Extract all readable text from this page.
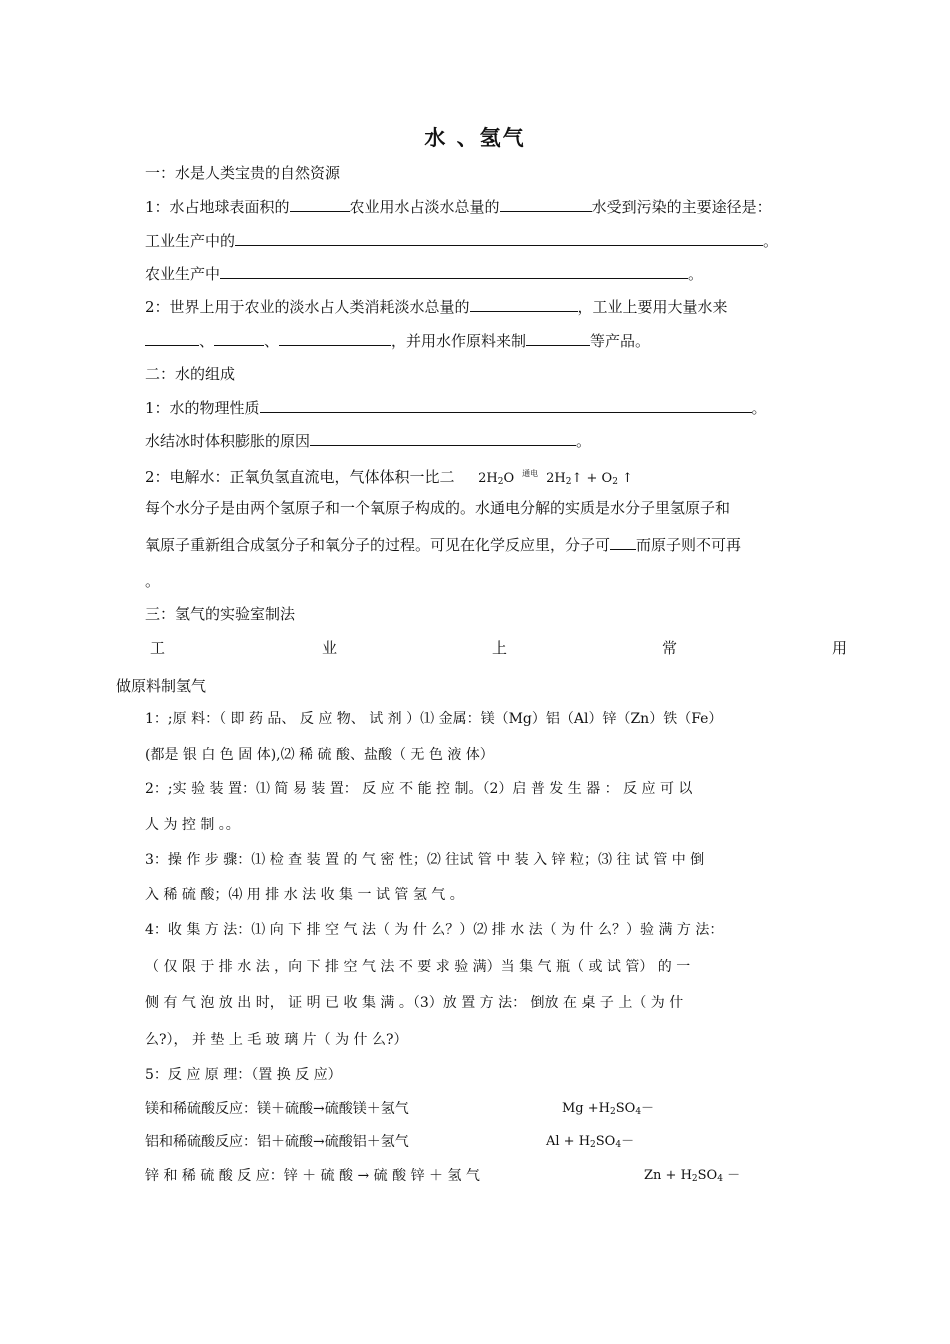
水 、氢气
一：水是人类宝贵的自然资源
1：水占地球表面积的	农业用水占淡水总量的	水受到污染的主要途径是：
工业生产中的	。
农业生产中	。
2：世界上用于农业的淡水占人类消耗淡水总量的	，工业上要用大量水来
、	、	，并用水作原料来制	等产品。
二：水的组成
1：水的物理性质	。
水结冰时体积膨胀的原因	。
2：电解水：正氧负氢直流电，气体体积一比二 $2H_2O$ $^{通电}$ $2H_2↑ + O_2$ ↑
每个水分子是由两个氢原子和一个氧原子构成的。水通电分解的实质是水分子里氢原子和
氧原子重新组合成氢分子和氧分子的过程。可见在化学反应里，分子可 而原子则不可再
。
三：氢气的实验室制法
工	业	上	常	用
做原料制氢气
1：;原 料：（ 即 药 品、 反 应 物、 试 剂 ）⑴ 金属：镁（Mg）铝（Al）锌（Zn）铁（Fe）
(都是 银 白 色 固 体),⑵ 稀 硫 酸、盐酸（ 无 色 液 体）
2：;实 验 装 置：⑴ 简 易 装 置： 反 应 不 能 控 制。（2）启 普 发 生 器 ： 反 应 可 以
人 为 控 制 。。
3：操 作 步 骤：⑴ 检 查 装 置 的 气 密 性；⑵ 往试 管 中 装 入 锌 粒；⑶ 往 试 管 中 倒
入 稀 硫 酸；⑷ 用 排 水 法 收 集 一 试 管 氢 气 。
4：收 集 方 法：⑴ 向 下 排 空 气 法（ 为 什 么？）⑵ 排 水 法（ 为 什 么？）验 满 方 法：
（ 仅 限 于 排 水 法 ，向 下 排 空 气 法 不 要 求 验 满）当 集 气 瓶（ 或 试 管） 的 一
侧 有 气 泡 放 出 时， 证 明 已 收 集 满 。（3）放 置 方 法： 倒放 在 桌 子 上（ 为 什
么?）， 并 垫 上 毛 玻 璃 片（ 为 什 么?）
5：反 应 原 理：（置 换 反 应）
镁和稀硫酸反应：镁＋硫酸→硫酸镁＋氢气	$Mg +H_2SO_4-$
铝和稀硫酸反应：铝＋硫酸→硫酸铝＋氢气	$Al + H_2SO_4-$
锌 和 稀 硫 酸 反 应：锌 ＋ 硫 酸 → 硫 酸 锌 ＋ 氢 气	$Zn + H_2SO_4$ －
